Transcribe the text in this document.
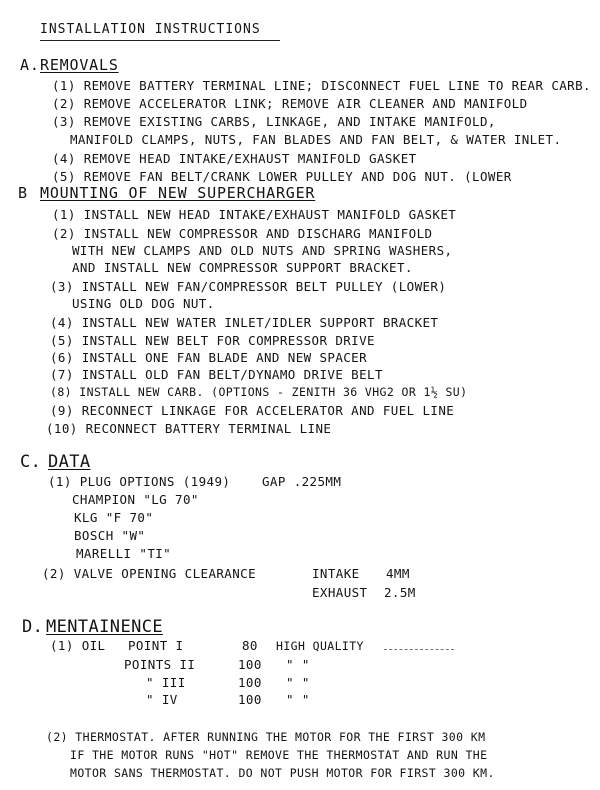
INSTALLATION INSTRUCTIONS
A. REMOVALS
(1) REMOVE BATTERY TERMINAL LINE; DISCONNECT FUEL LINE TO REAR CARB.
(2) REMOVE ACCELERATOR LINK; REMOVE AIR CLEANER AND MANIFOLD
(3) REMOVE EXISTING CARBS, LINKAGE, AND INTAKE MANIFOLD,
MANIFOLD CLAMPS, NUTS, FAN BLADES AND FAN BELT, & WATER INLET.
(4) REMOVE HEAD INTAKE/EXHAUST MANIFOLD GASKET
(5) REMOVE FAN BELT/CRANK LOWER PULLEY AND DOG NUT. (LOWER
B MOUNTING OF NEW SUPERCHARGER
(1) INSTALL NEW HEAD INTAKE/EXHAUST MANIFOLD GASKET
(2) INSTALL NEW COMPRESSOR AND DISCHARG MANIFOLD
WITH NEW CLAMPS AND OLD NUTS AND SPRING WASHERS,
AND INSTALL NEW COMPRESSOR SUPPORT BRACKET.
(3) INSTALL NEW FAN/COMPRESSOR BELT PULLEY (LOWER)
USING OLD DOG NUT.
(4) INSTALL NEW WATER INLET/IDLER SUPPORT BRACKET
(5) INSTALL NEW BELT FOR COMPRESSOR DRIVE
(6) INSTALL ONE FAN BLADE AND NEW SPACER
(7) INSTALL OLD FAN BELT/DYNAMO DRIVE BELT
(8) INSTALL NEW CARB. (OPTIONS - ZENITH 36 VHG2 OR 1½ SU)
(9) RECONNECT LINKAGE FOR ACCELERATOR AND FUEL LINE
(10) RECONNECT BATTERY TERMINAL LINE
C. DATA
(1) PLUG OPTIONS (1949)	GAP .225MM
CHAMPION "LG 70"
KLG "F 70"
BOSCH "W"
MARELLI "TI"
(2) VALVE OPENING CLEARANCE	INTAKE 4MM
EXHAUST 2.5M
D. MENTAINENCE
(1) OIL POINT I	80 HIGH QUALITY
POINTS II	100 " "
" III	100 " "
" IV	100 " "
(2) THERMOSTAT. AFTER RUNNING THE MOTOR FOR THE FIRST 300 KM
IF THE MOTOR RUNS "HOT" REMOVE THE THERMOSTAT AND RUN THE
MOTOR SANS THERMOSTAT. DO NOT PUSH MOTOR FOR FIRST 300 KM.
